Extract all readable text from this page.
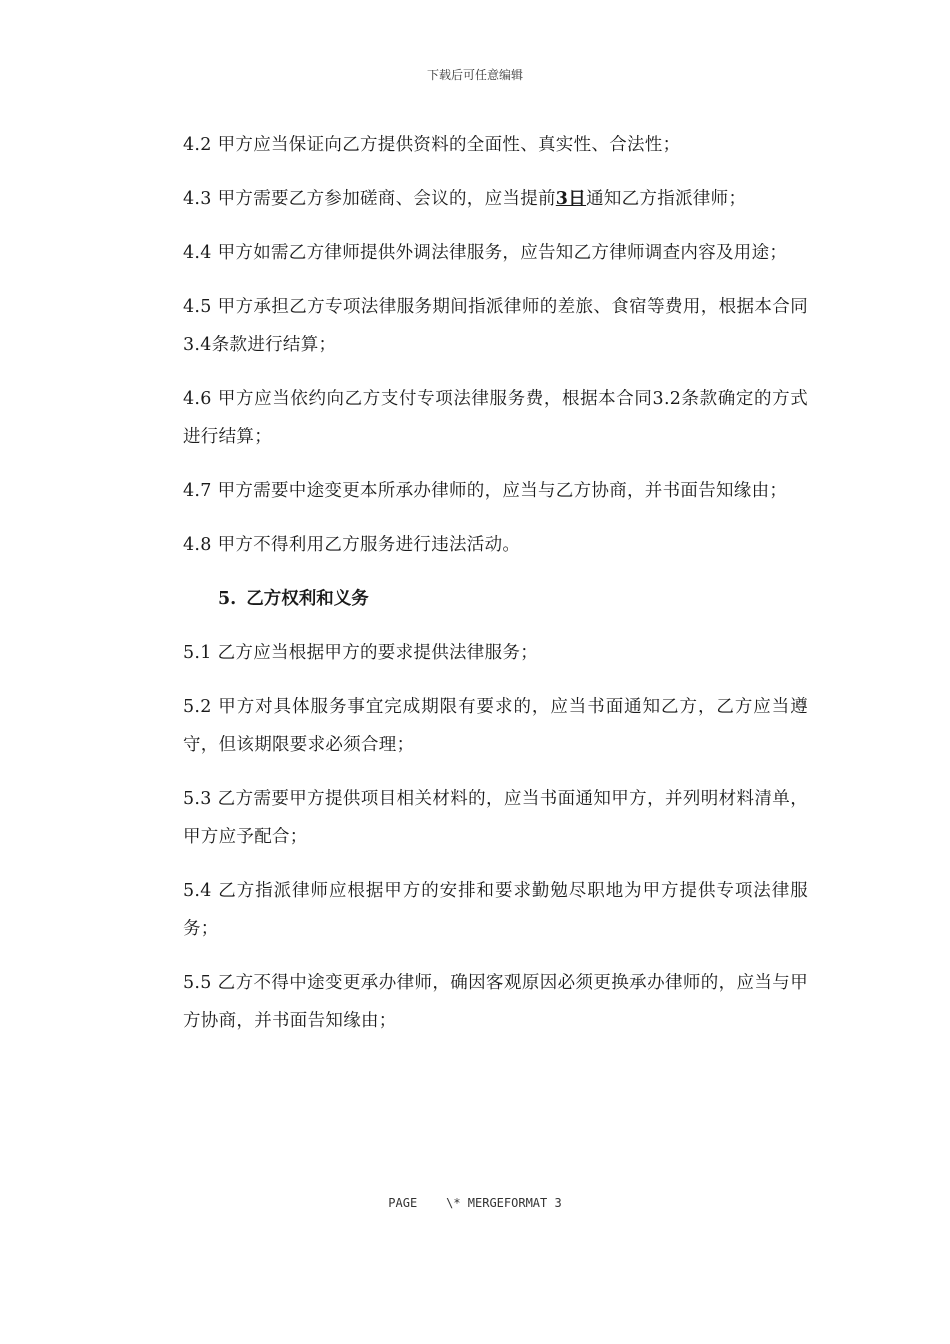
下载后可任意编辑

4.2 甲方应当保证向乙方提供资料的全面性、真实性、合法性；

4.3 甲方需要乙方参加磋商、会议的，应当提前3日通知乙方指派律师；

4.4 甲方如需乙方律师提供外调法律服务，应告知乙方律师调查内容及用途；

4.5 甲方承担乙方专项法律服务期间指派律师的差旅、食宿等费用，根据本合同3.4条款进行结算；

4.6 甲方应当依约向乙方支付专项法律服务费，根据本合同3.2条款确定的方式进行结算；

4.7 甲方需要中途变更本所承办律师的，应当与乙方协商，并书面告知缘由；

4.8 甲方不得利用乙方服务进行违法活动。

5. 乙方权利和义务

5.1 乙方应当根据甲方的要求提供法律服务；

5.2 甲方对具体服务事宜完成期限有要求的，应当书面通知乙方，乙方应当遵守，但该期限要求必须合理；

5.3 乙方需要甲方提供项目相关材料的，应当书面通知甲方，并列明材料清单，甲方应予配合；

5.4 乙方指派律师应根据甲方的安排和要求勤勉尽职地为甲方提供专项法律服务；

5.5 乙方不得中途变更承办律师，确因客观原因必须更换承办律师的，应当与甲方协商，并书面告知缘由；

PAGE    \* MERGEFORMAT 3
